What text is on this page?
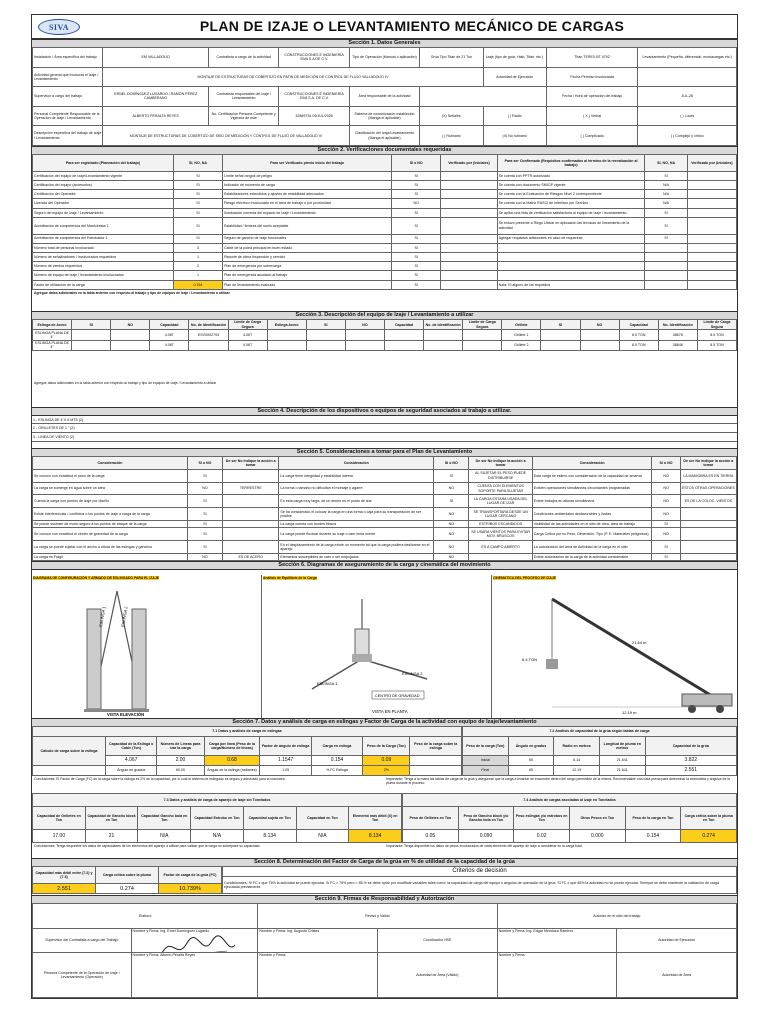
SIVA	PLAN DE IZAJE O LEVANTAMIENTO MECÁNICO DE CARGAS
Sección 1. Datos Generales
Instalación / Área específica del trabajo	EM VALLADOLID	Contratista a cargo de la actividad	CONSTRUCCIONES E INGENIERÍA SIVA S.A DE C.V.	Tipo de Operación (Manual o aplicación)	Grúa Tipo Titán de 21 Ton	Izaje (tipo de grúa, Hiab, Titán, etc.)	Titán TEREX BT 4792	Levantamiento (Pequeña, diferencial, montacargas etc.)
Actividad general que involucra el Izaje / Levantamiento	MONTAJE DE ESTRUCTURAS DE COBERTIZO EN PATIN DE MEDICIÓN DE CONTROL DE FLUJO VALLADOLID IV					Autoridad de Ejecución	Fecha Permiso involucrada	
Supervisor a cargo del trabajo	ERNEL DOMÍNGUEZ LUGARDO / RAMÓN PÉREZ CAMBERANO	Contratista responsable del Izaje / Levantamiento	CONSTRUCCIONES E INGENIERÍA SIVA S.A. DE C.V.	Área responsable de la actividad			Fecha / Hora de operación del trabajo	JUL-26
Personal Competente Responsable de la Operación de Izaje / Levantamiento	ALBERTO PERALTA REYES	No. Certificación Persona Competente y Vigencia de este	32869734 09/JUL/2026	Sistema de comunicación establecido (Manga el aplicable)	(X) Señales	( ) Radio	( X ) Verbal	( ) Luces
Descripción específica del trabajo de Izaje / Levantamiento	MONTAJE DE ESTRUCTURAS DE COBERTIZO DE SKID DE MEDICIÓN Y CONTROL DE FLUJO DE VALLADOLID IV			Clasificación del Izaje/Levantamiento (Manga el aplicable)	( ) Rutinario	(X) No rutinario	( ) Complicado	( ) Complejo y crítico
Sección 2. Verificaciones documentales requeridas
Para ser registrado (Planeación del trabajo)	SI, NO, NA	Para ser Verificado previo inicio del trabajo	SI o NO	Verificado por (Iniciales)	Para ser Confirmado (Requisitos confirmados al término de la reevaluación al trabajo)	SI, NO, NA	Verificado por (Iniciales)
Certificación del equipo de Izaje/Levantamiento vigente	SI	Límite señal rangos de peligro	SI		Se cuenta con PPTR autorizado	SI	
Certificación del equipo (accesorios)	SI	Indicador de momento de carga	SI		Se cuenta con documento SMIOP vigente	N/A	
Certificación del Operador	SI	Estabilizadores extendidos y ajustes de estabilidad adecuados	SI		Se cuenta con la Evaluación de Riesgos Nivel 2 correspondiente	N/A	
Licencia del Operador	SI	Riesgo eléctrico involucrado en el área de trabajo o por proximidad	NO		Se cuenta con la Matriz RASCI de Interface por Servicio	N/A	
Seguro del equipo de Izaje / Levantamiento	SI	Iluminación correcta del espacio de Izaje / Levantamiento	SI		Se aplicó una lista de verificación satisfactoria al equipo de Izaje / levantamiento	SI	
Acreditación de competencia del Maniobrista 1	SI	Estabilidad / firmeza del suelo aceptable	SI		Se estuvo presente a Riego Ubicar en aplicación las técnicas de lineamiento de la actividad	SI	
Acreditación de competencia del Estrobador 1	SI	Seguro de gancho de Izaje funcionales	SI		Agregar requisitos adicionales en caso de requerirse	SI	
Número total de personal involucrado	3	Cable de la polea principal en buen estado	SI				
Número de señalizadores / involucrados requeridos	1	Reporte de clima inspección y servicio	SI				
Número de vientos requeridos	2	Plan de emergencia por sobrecarga	SI				
Número de equipo de Izaje / levantamiento involucrados	1	Plan de emergencia asociado al trabajo	SI				
Factor de utilización de la carga	0.154	Plan de levantamiento evaluado	SI		Nota: El alguno de los requisitos		
Agregue datos adicionales en la tabla anterior con respecto al trabajo y tipo de equipos de Izaje / Levantamiento a utilizar
Sección 3. Descripción del equipo de Izaje / Levantamiento a utilizar
Eslinga de Acero	SI	NO	Capacidad	No. de Identificación	Límite de Carga Segura	Eslinga Acero	SI	NO	Capacidad	No. de Identificación	Límite de Carga Segura	Grillete	SI	NO	Capacidad	No. Identificación	Límite de Carga Segura
ESLINGA PLANA DE 4"			4.06T	ESV0002793	4.06T							Grillete 1			8.5 TON	38678	8.5 TON
ESLINGA PLANA DE 4"			4.06T		4.06T							Grillete 2			8.5 TON	38648	8.5 TON
Agregue datos adicionales en la tabla anterior con respecto al trabajo y tipo de equipos de Izaje / Levantamiento a utilizar
Sección 4. Descripción de los dispositivos o equipos de seguridad asociados al trabajo a utilizar.
1.- ESLINGA DE 4"X 6 MTS (2)
2.- GRILLETES DE 1 " (2)
3.- LINEA DE VIENTO (2)
Sección 5. Consideraciones a tomar para el Plan de Levantamiento
Consideración	SI o NO	De ser No indique la acción a tomar	Consideración	SI o NO	De ser No indique la acción a tomar	Consideración	SI o NO	De ser No indique la acción a tomar
Se conoce con exactitud el peso de la carga	SI		La carga tiene integridad y estabilidad interna	SI	AL SUJETAR EL PESO PUEDE DISTRIBUIRSE	Esta carga se estimó con consideración de la capacidad de amarrar	NO	LA MANIOBRA ES EN TIERRA
La carga se sumerge en agua sobre un área	NO	TERRESTRE	La forma o tamaño no dificultan el montaje y agarre	NO	CUENTA CON ELEMENTOS SOPORTE PARA SUJETAR	Existen operaciones simultáneas circundantes programadas	NO	ESTOS OTRAS OPERACIONES
Cuenta la carga con puntos de izaje por diseño	SI		En esta carga muy larga, de un ancho en el punto de izar	SI	LA CARGA ESTARA USADA DEL LUGAR DE IZAR	Existe trabajos en alturas simultáneos	NO	ES DE LA COLOC. VIENTOS
Existe interferencias / conflictos o los puntos de izaje o carga de la carga	SI		Se ha considerado el colocar la carga en una forma o caja para su transportación de ser posible	NO	SE TRANSPORTARA DESDE UN LUGAR CERCANO	Condiciones ambientales desfavorables y lluvias	NO	
Se puede sustraer de modo seguro a los puntos de ataque de la carga	SI		La carga cuenta con bordes filosos	NO	ESTRIBOS ESCANDIDOS	Visibilidad de las actividades en el sitio de obra, área de trabajo	SI	
Se conoce con exactitud el centro de gravedad de la carga	SI		La carga puede fluctuar durante su izaje o caer lenta mente	NO	SE USARA VIENTOS PARA EVITAR MOV. BRUSCOS	Carga Crítica por su Peso, Dimensión, Tipo (P. E. Materiales peligrosos)	NO	
La carga se puede sujetar con el ancho a altura de las eslingas y ganchos	SI		En el desplazamiento de la carga existe un momento tal que la carga pudiera deslizarse en el aparejo	NO	ES A CAMPO ABIERTO	La autorización del área de Actividad de la carga en el sitio	SI	
La carga es Frágil	NO	ES DE ACERO	Elementos susceptibles de caer o ser empujados	NO		Existe autorización de la carga de la actividad considerable	SI	
Sección 6. Diagramas de aseguramiento de la carga y cinemática del movimiento
DIAGRAMA DE CONFIGURACIÓN Y ARMADO DE ESLINGADO PARA EL IZAJE
ESLINGA 1	ESLINGA 2
VISTA ELEVACIÓN
Análisis de Equilibrio de la Carga
ESLINGA 1
ESLINGA 2
CENTRO DE GRAVEDAD
VISTA EN PLANTA
CINEMÁTICA DEL PROCESO DE IZAJE
6.4 TON
12.19 m
21.64 m
Sección 7. Datos y análisis de carga en eslingas y Factor de Carga de la actividad con equipo de Izaje/levantamiento
7.1 Datos y análisis de carga en eslingas							
Cálculo de carga sobre la eslinga	Capacidad de la Eslinga o Cable (Ton)	Número de Líneas para izar la carga	Carga por línea (Peso de la carga/Número de líneas)	Factor de ángulo de eslinga	Carga en eslinga	Peso de la Carga (Ton)	Peso de la carga sobre la eslinga
	4.067	2.00	0.68	1.1547	0.154	0.09	
	Ángulo en grados	60.00	Ángulo de la eslinga (radianes)	1.05	% FC Eslinga	2%	
7.2 Análisis de capacidad de la grúa según tablas de carga				
Peso de la carga (Ton)	Ángulo en grados	Radio en metros	Longitud de pluma en metros	Capacidad de la grúa
Inicial	65	6.14	21.641	3.822
Final	65	12.19	21.641	2.551
Conclusiones: El Factor de Carga (FC) de la carga sobre la eslinga es 2% de la capacidad, por lo cual el sistema de eslingado es seguro y adecuado para la maniobra.	Importante: Tenga a la mano las tablas de carga de la grúa y asegúrese que la carga a levantar se encuentre dentro del rango permisible de la misma. Recomendable una vista previa para determinar la cinemática y ángulos de la pluma durante el proceso.
7.3 Datos y análisis de carga de aparejo de izaje sin Tonelados						
Capacidad de Grilletes en Ton	Capacidad de Gancho block en Ton	Capacidad Gancho bola en Ton	Capacidad Estrobo en Ton	Capacidad sujeta en Ton	Capacidad en Ton	Elemento más débil (X) en Ton
17.00	21	N/A	N/A	8.134	N/A	8.134
7.4 Análisis de cargas asociadas al izaje en Tonelados					
Peso de Grilletes en Ton	Peso de Gancho block y/o Gancho bola en Ton	Peso eslingas y/o estrobos en Ton	Otros Pesos en Ton	Peso de la carga en Ton	Carga crítica sobre la pluma en Ton
0.05	0.090	0.02	0.000	0.154	0.274
Conclusiones: Tenga disponible los datos de capacidades de los elementos del aparejo a utilizar para validar que la carga no sobrepase su capacidad.	Importante: Tenga disponible los datos de pesos involucrados de cada elemento del aparejo de izaje a considerar en la carga total.
Sección 8. Determinación del Factor de Carga de la grúa en % de utilidad de la capacidad de la grúa
Capacidad más débil entre (7.2) y (7.3)	Carga crítica sobre la pluma	Factor de carga de la grúa (FC)
2.551	0.274	10.739%
Criterios de decisión
Condicionales: Si FC ≥ que 75% la actividad se puede ejecutar. Si FC > 75% pero < 85 % se debe optar por modificar variables tales como: la capacidad de carga del equipo o ángulos de operación de la grúa. Si FC ≥ que 85% la actividad no se puede ejecutar. Siempre se debe mantener la validación de carga ejecutada previamente.
Sección 9. Firmas de Responsabilidad y Autorización
Elaboró		Revisó y Validó		Autorizó en el sitio del trabajo	
Supervisor del Contratista a cargo del Trabajo	Nombre y Firma: Ing. Ernel Domínguez Lugardo	Nombre y Firma: Ing. Augusto Cristes	Coordinador HSE	Nombre y Firma: Ing. Edgar Mendoza Ramírez	Autoridad de Ejecución
Persona Competente de la Operación de Izaje / Levantamiento (Operador)	Nombre y Firma: Alberto Peralta Reyes	Nombre y Firma:	Autoridad de Área (Válido)	Nombre y Firma:	Autoridad de Área
